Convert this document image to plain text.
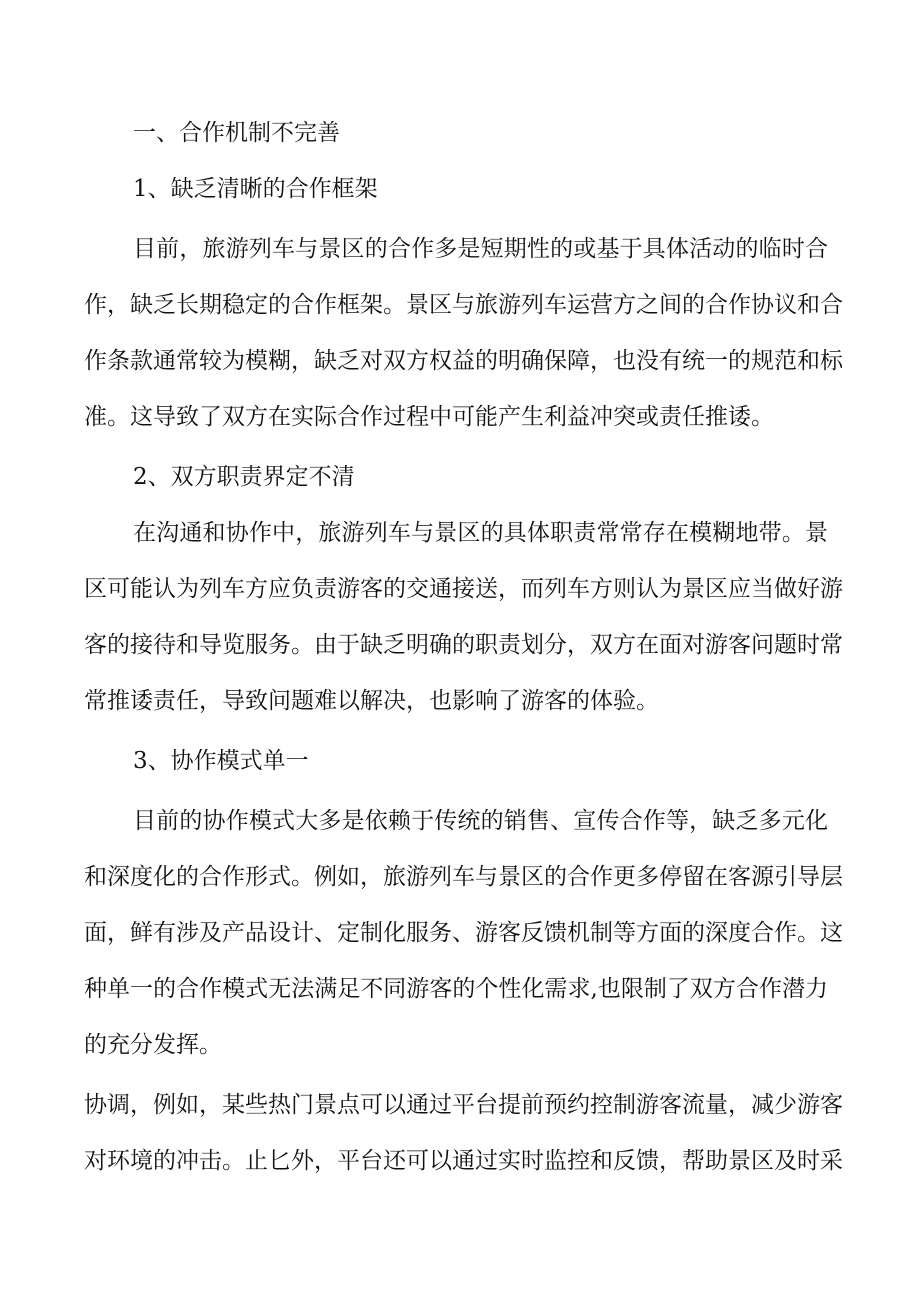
一、合作机制不完善
1、缺乏清晰的合作框架
目前，旅游列车与景区的合作多是短期性的或基于具体活动的临时合
作，缺乏长期稳定的合作框架。景区与旅游列车运营方之间的合作协议和合
作条款通常较为模糊，缺乏对双方权益的明确保障，也没有统一的规范和标
准。这导致了双方在实际合作过程中可能产生利益冲突或责任推诿。
2、双方职责界定不清
在沟通和协作中，旅游列车与景区的具体职责常常存在模糊地带。景
区可能认为列车方应负责游客的交通接送，而列车方则认为景区应当做好游
客的接待和导览服务。由于缺乏明确的职责划分，双方在面对游客问题时常
常推诿责任，导致问题难以解决，也影响了游客的体验。
3、协作模式单一
目前的协作模式大多是依赖于传统的销售、宣传合作等，缺乏多元化
和深度化的合作形式。例如，旅游列车与景区的合作更多停留在客源引导层
面，鲜有涉及产品设计、定制化服务、游客反馈机制等方面的深度合作。这
种单一的合作模式无法满足不同游客的个性化需求,也限制了双方合作潜力
的充分发挥。
协调，例如，某些热门景点可以通过平台提前预约控制游客流量，减少游客
对环境的冲击。止匕外，平台还可以通过实时监控和反馈，帮助景区及时采
